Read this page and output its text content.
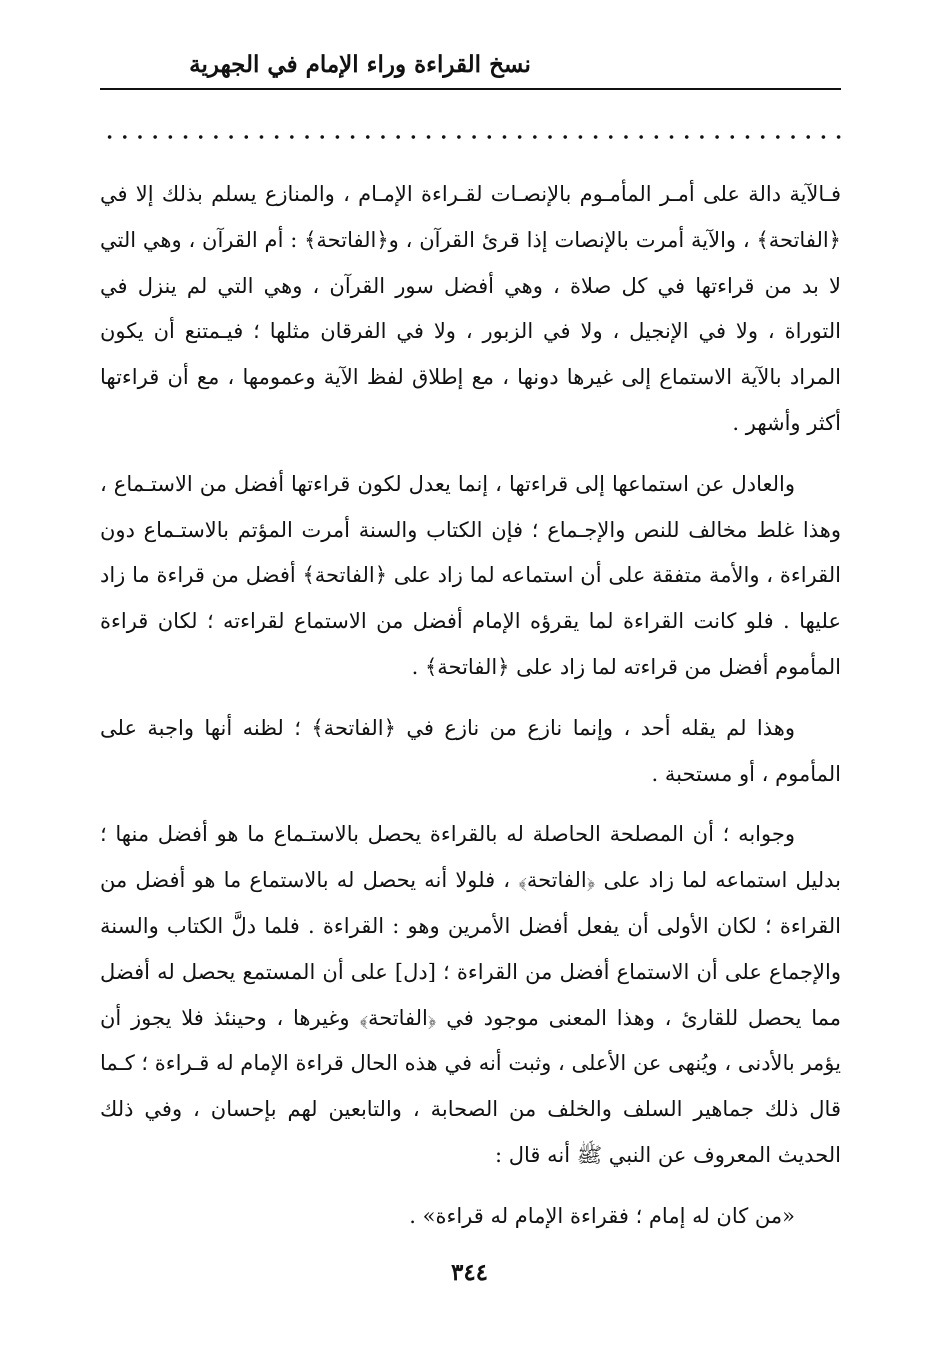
نسخ القراءة وراء الإمام في الجهرية

فـالآية دالة على أمـر المأمـوم بالإنصـات لقـراءة الإمـام ، والمنازع يسلم بذلك إلا في ﴿الفاتحة﴾ ، والآية أمرت بالإنصات إذا قرئ القرآن ، و﴿الفاتحة﴾ : أم القرآن ، وهي التي لا بد من قراءتها في كل صلاة ، وهي أفضل سور القرآن ، وهي التي لم ينزل في التوراة ، ولا في الإنجيل ، ولا في الزبور ، ولا في الفرقان مثلها ؛ فيـمتنع أن يكون المراد بالآية الاستماع إلى غيرها دونها ، مع إطلاق لفظ الآية وعمومها ، مع أن قراءتها أكثر وأشهر .

والعادل عن استماعها إلى قراءتها ، إنما يعدل لكون قراءتها أفضل من الاستـماع ، وهذا غلط مخالف للنص والإجـماع ؛ فإن الكتاب والسنة أمرت المؤتم بالاستـماع دون القراءة ، والأمة متفقة على أن استماعه لما زاد على ﴿الفاتحة﴾ أفضل من قراءة ما زاد عليها . فلو كانت القراءة لما يقرؤه الإمام أفضل من الاستماع لقراءته ؛ لكان قراءة المأموم أفضل من قراءته لما زاد على ﴿الفاتحة﴾ .

وهذا لم يقله أحد ، وإنما نازع من نازع في ﴿الفاتحة﴾ ؛ لظنه أنها واجبة على المأموم ، أو مستحبة .

وجوابه ؛ أن المصلحة الحاصلة له بالقراءة يحصل بالاستـماع ما هو أفضل منها ؛ بدليل استماعه لما زاد على ﴿الفاتحة﴾ ، فلولا أنه يحصل له بالاستماع ما هو أفضل من القراءة ؛ لكان الأولى أن يفعل أفضل الأمرين وهو : القراءة . فلما دلَّ الكتاب والسنة والإجماع على أن الاستماع أفضل من القراءة ؛ [دل] على أن المستمع يحصل له أفضل مما يحصل للقارئ ، وهذا المعنى موجود في ﴿الفاتحة﴾ وغيرها ، وحينئذ فلا يجوز أن يؤمر بالأدنى ، ويُنهى عن الأعلى ، وثبت أنه في هذه الحال قراءة الإمام له قـراءة ؛ كـما قال ذلك جماهير السلف والخلف من الصحابة ، والتابعين لهم بإحسان ، وفي ذلك الحديث المعروف عن النبي ﷺ أنه قال :

«من كان له إمام ؛ فقراءة الإمام له قراءة» .

٣٤٤
